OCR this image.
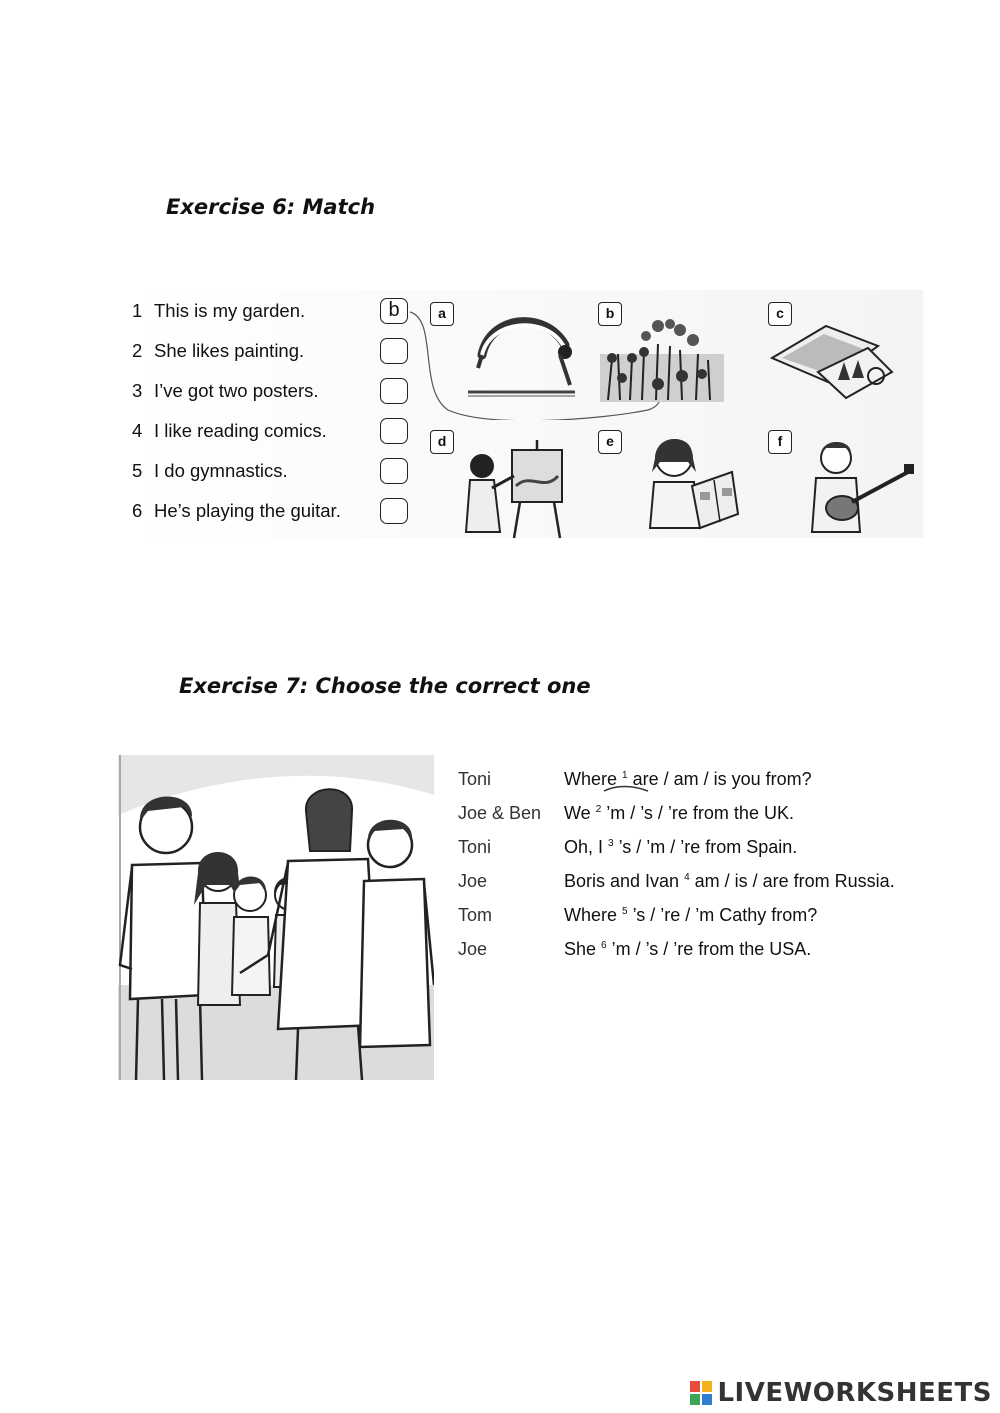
Exercise 6: Match
1 This is my garden.
2 She likes painting.
3 I’ve got two posters.
4 I like reading comics.
5 I do gymnastics.
6 He’s playing the guitar.
b	a	b	c
d	e	f
Exercise 7: Choose the correct one
Toni	Where $^1$ are / am / is you from?
Joe & Ben	We $^2$ ’m / ’s / ’re from the UK.
Toni	Oh, I $^3$ ’s / ’m / ’re from Spain.
Joe	Boris and Ivan $^4$ am / is / are from Russia.
Tom	Where $^5$ ’s / ’re / ’m Cathy from?
Joe	She $^6$ ’m / ’s / ’re from the USA.
LIVEWORKSHEETS
